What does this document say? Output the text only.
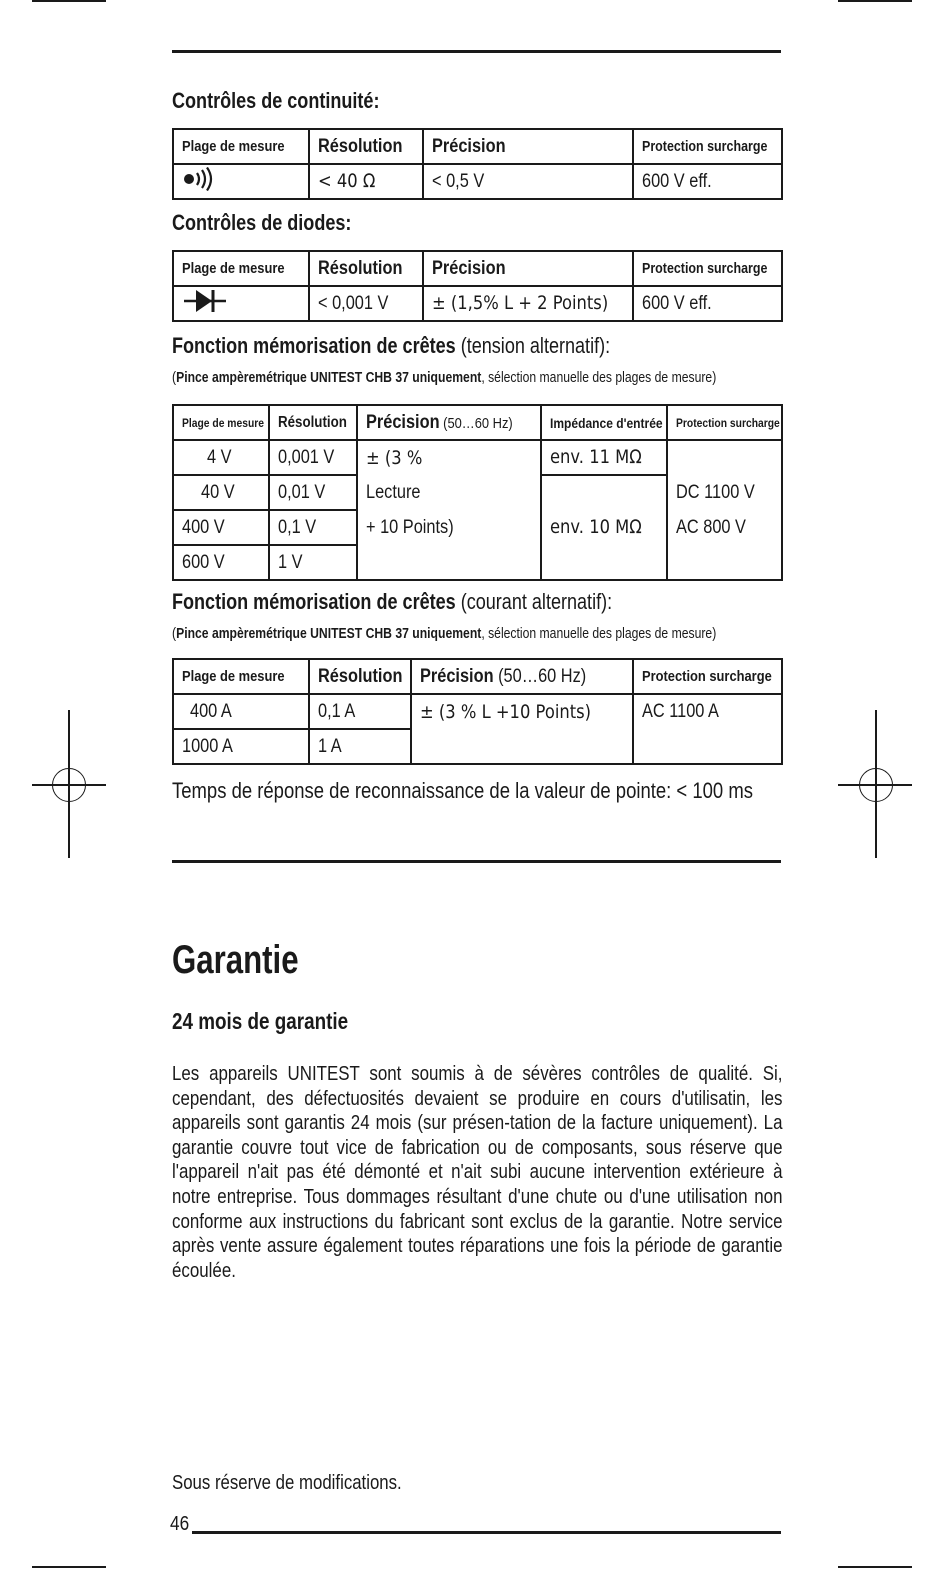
Contrôles de continuité:
Plage de mesure	Résolution	Précision	Protection surcharge
	< 40 Ω	< 0,5 V	600 V eff.
Contrôles de diodes:
Plage de mesure	Résolution	Précision	Protection surcharge
	< 0,001 V	± (1,5% L + 2 Points)	600 V eff.
Fonction mémorisation de crêtes (tension alternatif):
(Pince ampèremétrique UNITEST CHB 37 uniquement, sélection manuelle des plages de mesure)
Plage de mesure	Résolution	Précision (50…60 Hz)	Impédance d'entrée	Protection surcharge
4 V	0,001 V	± (3 %	env. 11 MΩ	
40 V	0,01 V	Lecture		DC 1100 V
400 V	0,1 V	+ 10 Points)	env. 10 MΩ	AC 800 V
600 V	1 V			
Fonction mémorisation de crêtes (courant alternatif):
(Pince ampèremétrique UNITEST CHB 37 uniquement, sélection manuelle des plages de mesure)
Plage de mesure	Résolution	Précision (50…60 Hz)	Protection surcharge
400 A	0,1 A	± (3 % L +10 Points)	AC 1100 A
1000 A	1 A		
Temps de réponse de reconnaissance de la valeur de pointe: < 100 ms
Garantie
24 mois de garantie
Les appareils UNITEST sont soumis à de sévères contrôles de qualité. Si, cependant, des défectuosités devaient se produire en cours d'utilisatin, les appareils sont garantis 24 mois (sur présen-tation de la facture uniquement). La garantie couvre tout vice de fabrication ou de composants, sous réserve que l'appareil n'ait pas été démonté et n'ait subi aucune intervention extérieure à notre entreprise. Tous dommages résultant d'une chute ou d'une utilisation non conforme aux instructions du fabricant sont exclus de la garantie. Notre service après vente assure également toutes réparations une fois la période de garantie écoulée.
Sous réserve de modifications.
46
